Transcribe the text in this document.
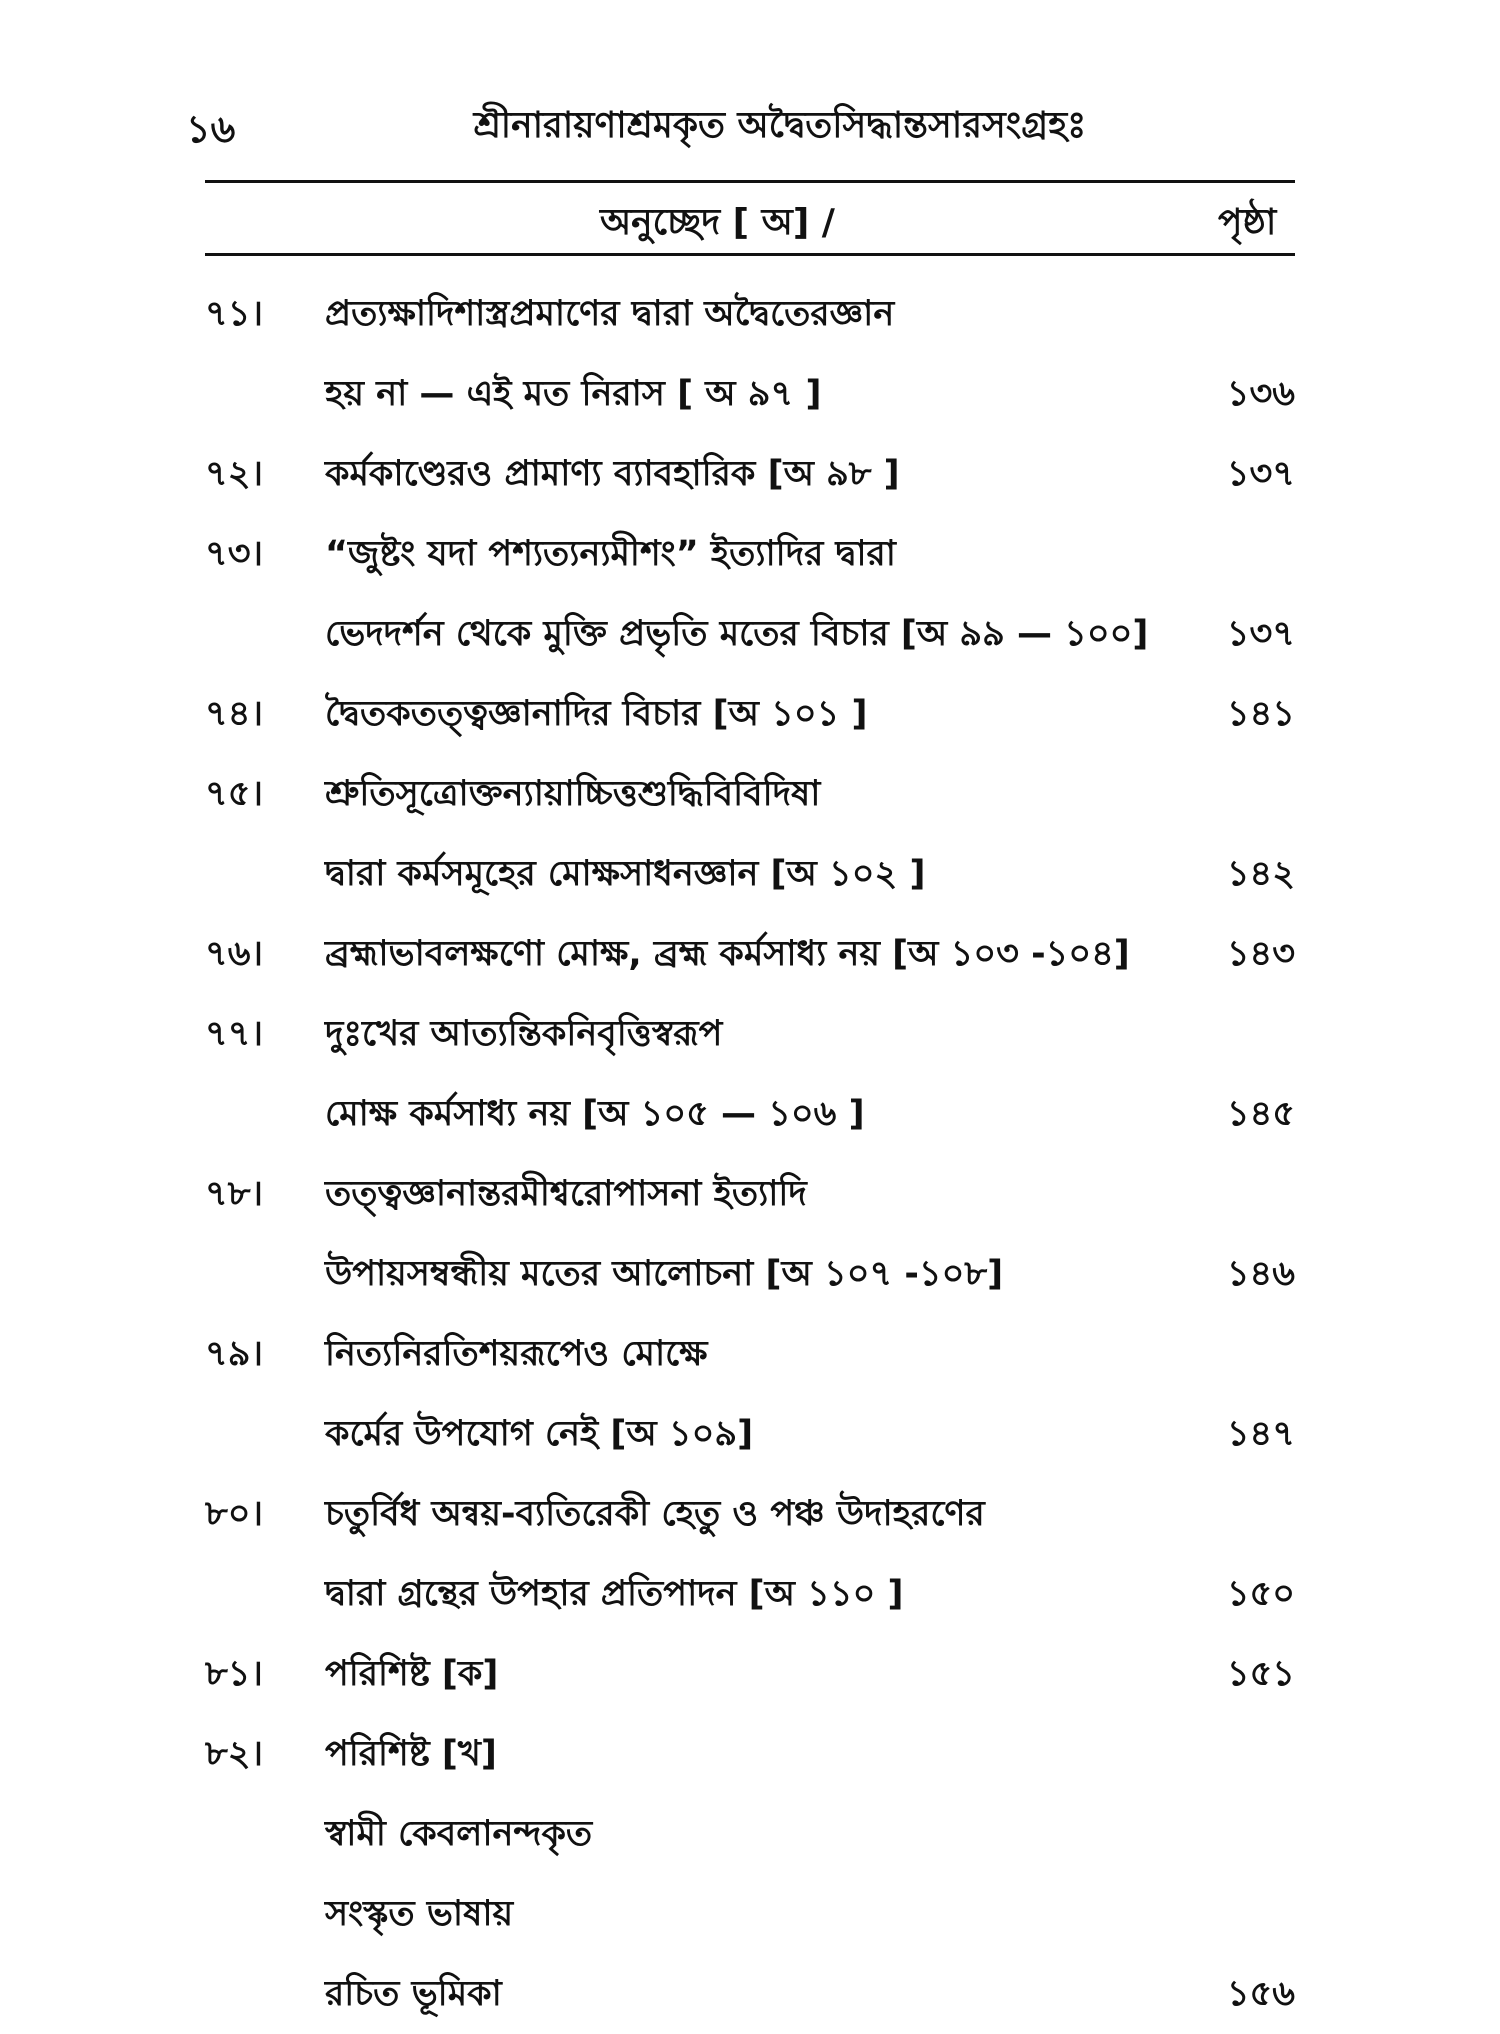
১৬	শ্রীনারায়ণাশ্রমকৃত অদ্বৈতসিদ্ধান্তসারসংগ্রহঃ
অনুচ্ছেদ [ অ] /	পৃষ্ঠা
৭১।	প্রত্যক্ষাদিশাস্ত্রপ্রমাণের দ্বারা অদ্বৈতেরজ্ঞান
হয় না — এই মত নিরাস [ অ ৯৭ ]	১৩৬
৭২।	কর্মকাণ্ডেরও প্রামাণ্য ব্যাবহারিক [অ ৯৮ ]	১৩৭
৭৩।	“জুষ্টং যদা পশ্যত্যন্যমীশং” ইত্যাদির দ্বারা
ভেদদর্শন থেকে মুক্তি প্রভৃতি মতের বিচার [অ ৯৯ — ১০০]	১৩৭
৭৪।	দ্বৈতকতত্ত্বজ্ঞানাদির বিচার [অ ১০১ ]	১৪১
৭৫।	শ্রুতিসূত্রোক্তন্যায়াচ্চিত্তশুদ্ধিবিবিদিষা
দ্বারা কর্মসমূহের মোক্ষসাধনজ্ঞান [অ ১০২ ]	১৪২
৭৬।	ব্রহ্মাভাবলক্ষণো মোক্ষ, ব্রহ্ম কর্মসাধ্য নয় [অ ১০৩ -১০৪]	১৪৩
৭৭।	দুঃখের আত্যন্তিকনিবৃত্তিস্বরূপ
মোক্ষ কর্মসাধ্য নয় [অ ১০৫ — ১০৬ ]	১৪৫
৭৮।	তত্ত্বজ্ঞানান্তরমীশ্বরোপাসনা ইত্যাদি
উপায়সম্বন্ধীয় মতের আলোচনা [অ ১০৭ -১০৮]	১৪৬
৭৯।	নিত্যনিরতিশয়রূপেও মোক্ষে
কর্মের উপযোগ নেই [অ ১০৯]	১৪৭
৮০।	চতুর্বিধ অন্বয়-ব্যতিরেকী হেতু ও পঞ্চ উদাহরণের
দ্বারা গ্রন্থের উপহার প্রতিপাদন [অ ১১০ ]	১৫০
৮১।	পরিশিষ্ট [ক]	১৫১
৮২।	পরিশিষ্ট [খ]
স্বামী কেবলানন্দকৃত
সংস্কৃত ভাষায়
রচিত ভূমিকা	১৫৬
